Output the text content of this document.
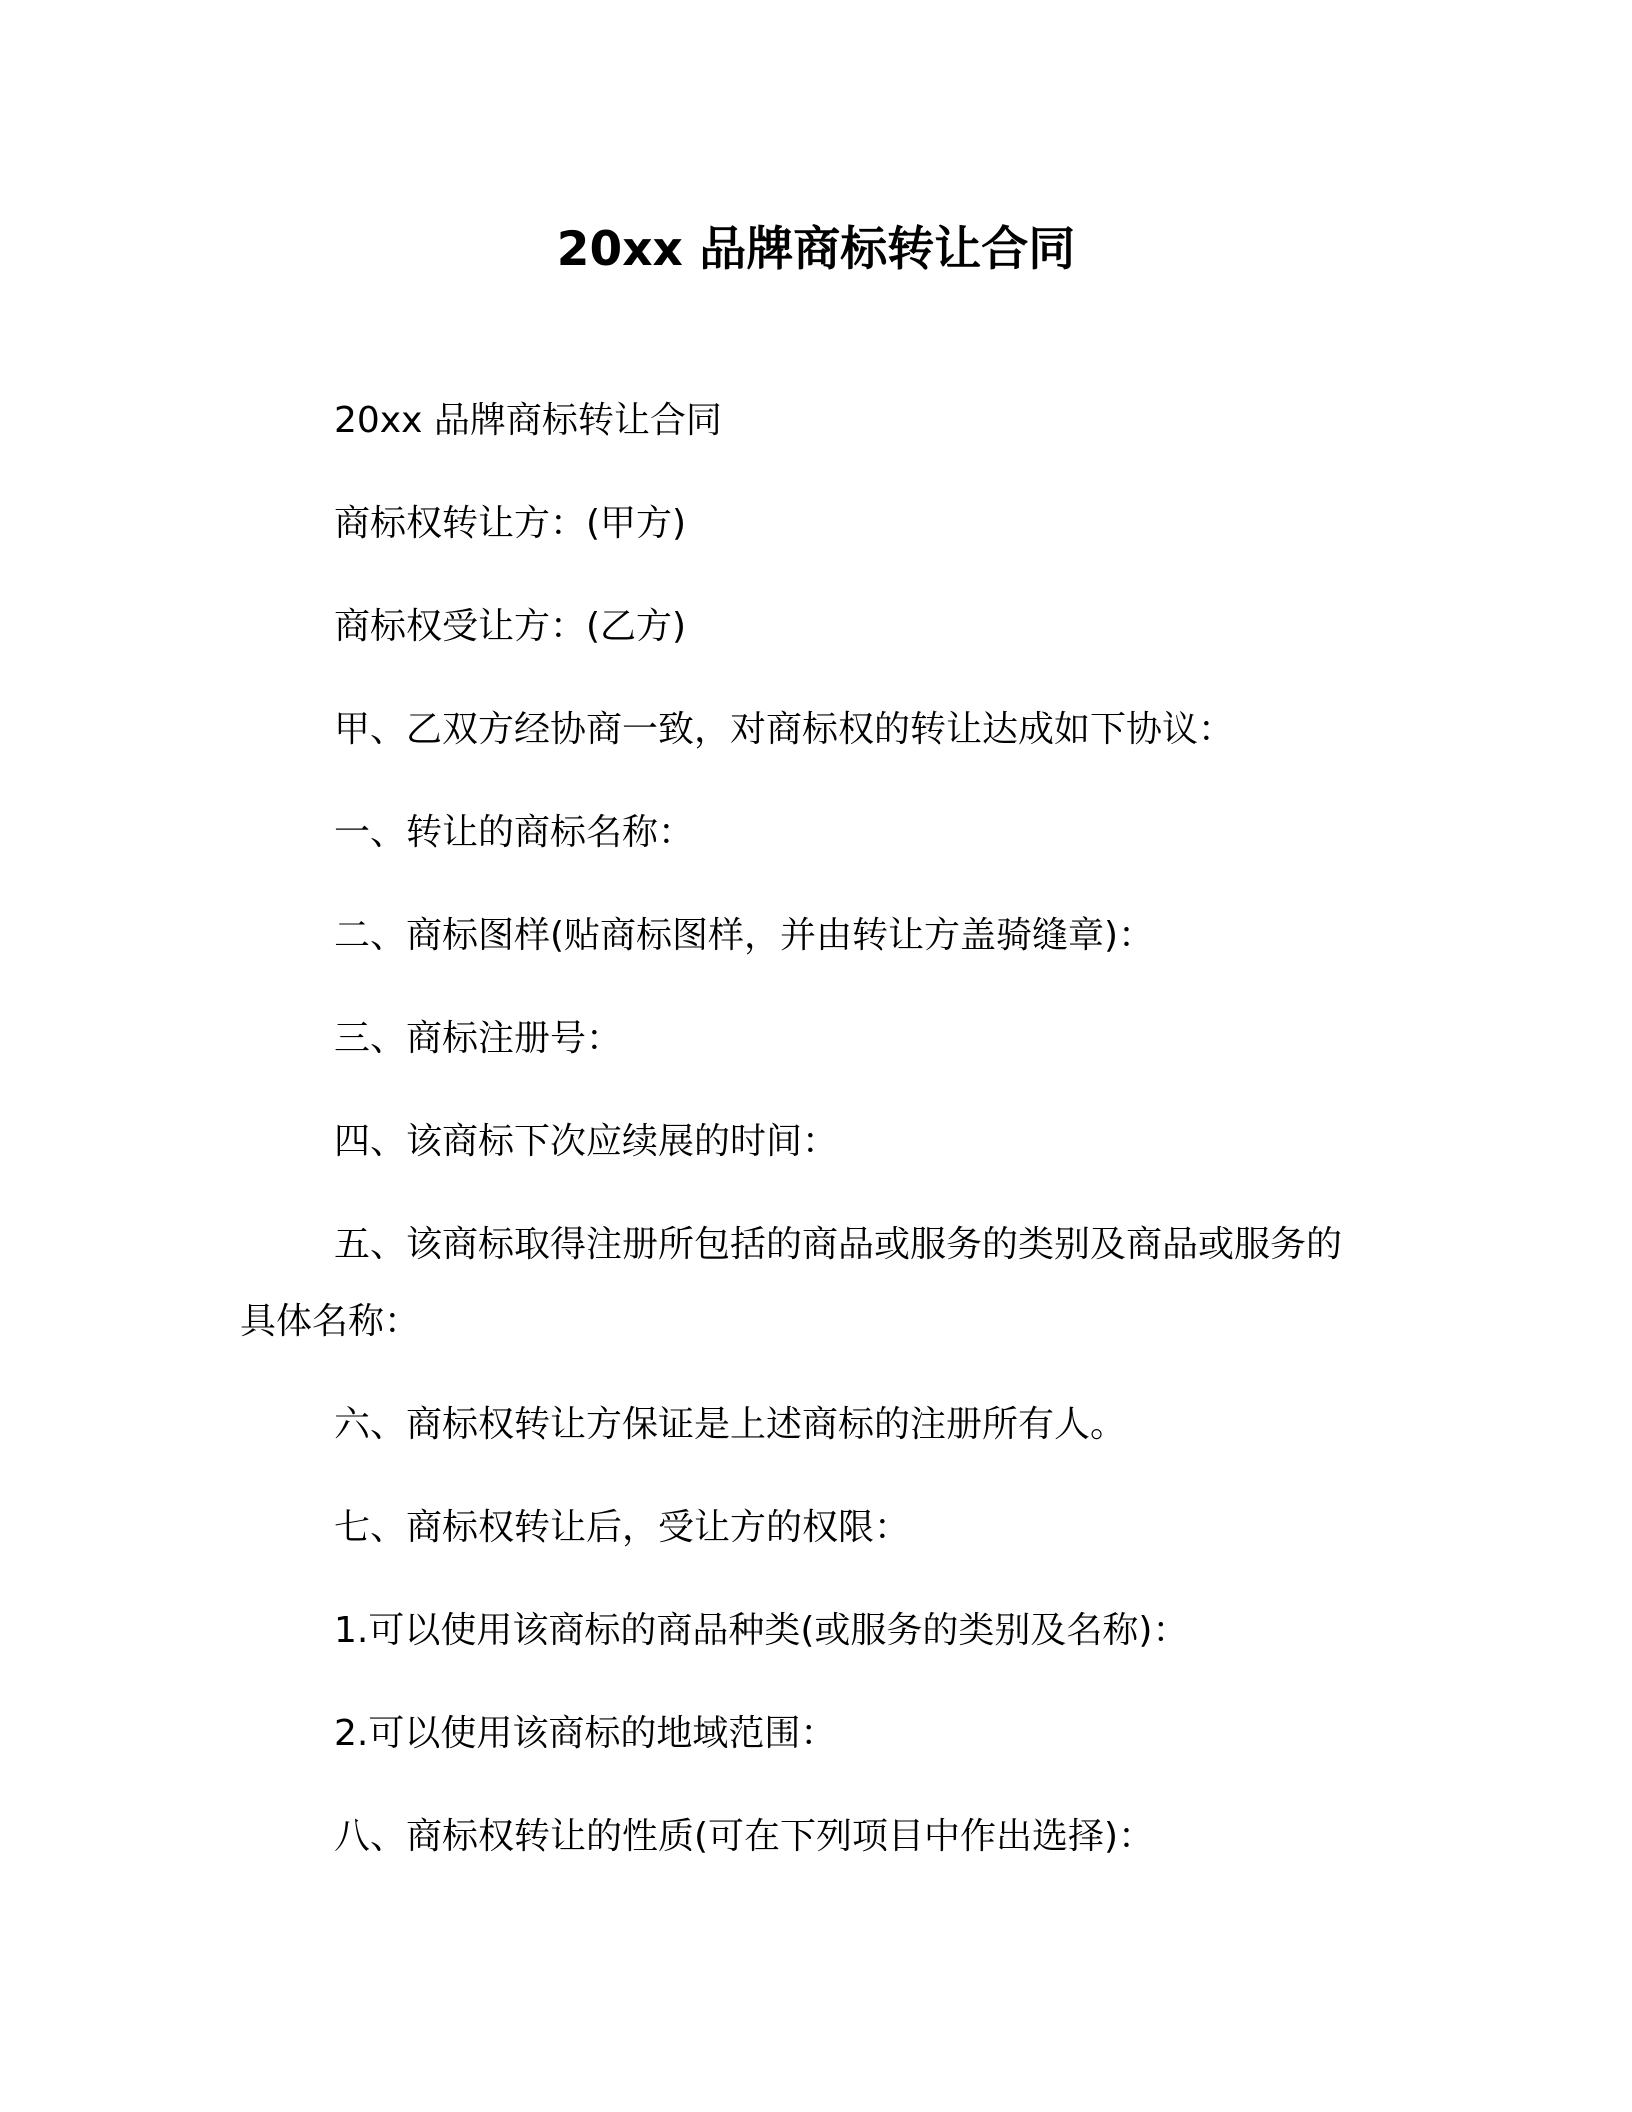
20xx 品牌商标转让合同
20xx 品牌商标转让合同
商标权转让方：(甲方)
商标权受让方：(乙方)
甲、乙双方经协商一致，对商标权的转让达成如下协议：
一、转让的商标名称：
二、商标图样(贴商标图样，并由转让方盖骑缝章)：
三、商标注册号：
四、该商标下次应续展的时间：
五、该商标取得注册所包括的商品或服务的类别及商品或服务的
具体名称：
六、商标权转让方保证是上述商标的注册所有人。
七、商标权转让后，受让方的权限：
1.可以使用该商标的商品种类(或服务的类别及名称)：
2.可以使用该商标的地域范围：
八、商标权转让的性质(可在下列项目中作出选择)：
